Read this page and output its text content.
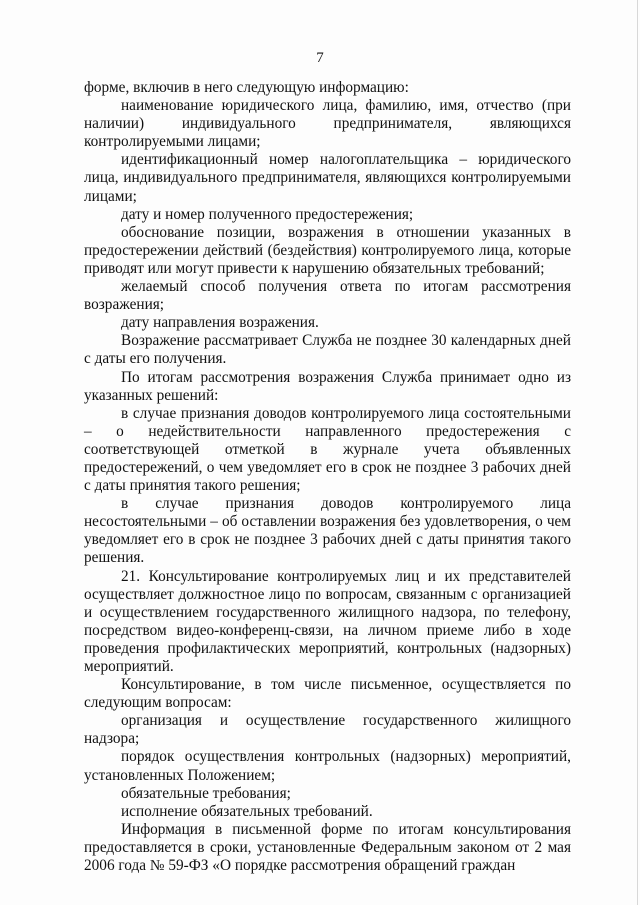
7

форме, включив в него следующую информацию:

наименование юридического лица, фамилию, имя, отчество (при наличии) индивидуального предпринимателя, являющихся контролируемыми лицами;

идентификационный номер налогоплательщика – юридического лица, индивидуального предпринимателя, являющихся контролируемыми лицами;

дату и номер полученного предостережения;

обоснование позиции, возражения в отношении указанных в предостережении действий (бездействия) контролируемого лица, которые приводят или могут привести к нарушению обязательных требований;

желаемый способ получения ответа по итогам рассмотрения возражения;

дату направления возражения.

Возражение рассматривает Служба не позднее 30 календарных дней с даты его получения.

По итогам рассмотрения возражения Служба принимает одно из указанных решений:

в случае признания доводов контролируемого лица состоятельными – о недействительности направленного предостережения с соответствующей отметкой в журнале учета объявленных предостережений, о чем уведомляет его в срок не позднее 3 рабочих дней с даты принятия такого решения;

в случае признания доводов контролируемого лица несостоятельными – об оставлении возражения без удовлетворения, о чем уведомляет его в срок не позднее 3 рабочих дней с даты принятия такого решения.

21. Консультирование контролируемых лиц и их представителей осуществляет должностное лицо по вопросам, связанным с организацией и осуществлением государственного жилищного надзора, по телефону, посредством видео-конференц-связи, на личном приеме либо в ходе проведения профилактических мероприятий, контрольных (надзорных) мероприятий.

Консультирование, в том числе письменное, осуществляется по следующим вопросам:

организация и осуществление государственного жилищного надзора;

порядок осуществления контрольных (надзорных) мероприятий, установленных Положением;

обязательные требования;

исполнение обязательных требований.

Информация в письменной форме по итогам консультирования предоставляется в сроки, установленные Федеральным законом от 2 мая 2006 года № 59-ФЗ «О порядке рассмотрения обращений граждан
